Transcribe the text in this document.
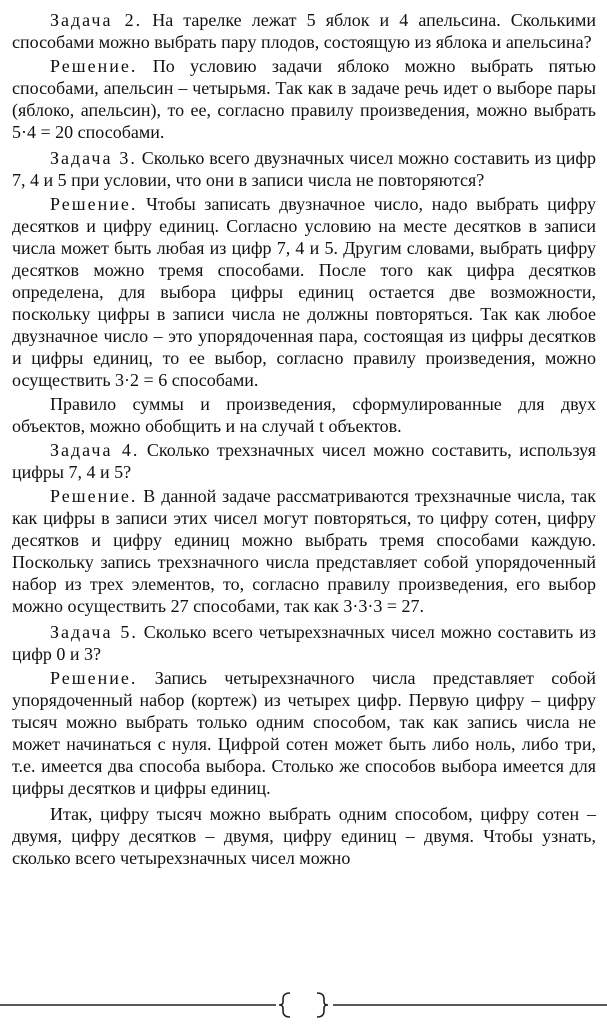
Задача 2. На тарелке лежат 5 яблок и 4 апельсина. Сколькими способами можно выбрать пару плодов, состоящую из яблока и апельсина?

Решение. По условию задачи яблоко можно выбрать пятью способами, апельсин – четырьмя. Так как в задаче речь идет о выборе пары (яблоко, апельсин), то ее, согласно правилу произведения, можно выбрать 5·4 = 20 способами.

Задача 3. Сколько всего двузначных чисел можно составить из цифр 7, 4 и 5 при условии, что они в записи числа не повторяются?

Решение. Чтобы записать двузначное число, надо выбрать цифру десятков и цифру единиц. Согласно условию на месте десятков в записи числа может быть любая из цифр 7, 4 и 5. Другим словами, выбрать цифру десятков можно тремя способами. После того как цифра десятков определена, для выбора цифры единиц остается две возможности, поскольку цифры в записи числа не должны повторяться. Так как любое двузначное число – это упорядоченная пара, состоящая из цифры десятков и цифры единиц, то ее выбор, согласно правилу произведения, можно осуществить 3·2 = 6 способами.

Правило суммы и произведения, сформулированные для двух объектов, можно обобщить и на случай t объектов.

Задача 4. Сколько трехзначных чисел можно составить, используя цифры 7, 4 и 5?

Решение. В данной задаче рассматриваются трехзначные числа, так как цифры в записи этих чисел могут повторяться, то цифру сотен, цифру десятков и цифру единиц можно выбрать тремя способами каждую. Поскольку запись трехзначного числа представляет собой упорядоченный набор из трех элементов, то, согласно правилу произведения, его выбор можно осуществить 27 способами, так как 3·3·3 = 27.

Задача 5. Сколько всего четырехзначных чисел можно составить из цифр 0 и 3?

Решение. Запись четырехзначного числа представляет собой упорядоченный набор (кортеж) из четырех цифр. Первую цифру – цифру тысяч можно выбрать только одним способом, так как запись числа не может начинаться с нуля. Цифрой сотен может быть либо ноль, либо три, т.е. имеется два способа выбора. Столько же способов выбора имеется для цифры десятков и цифры единиц.

Итак, цифру тысяч можно выбрать одним способом, цифру сотен – двумя, цифру десятков – двумя, цифру единиц – двумя. Чтобы узнать, сколько всего четырехзначных чисел можно
